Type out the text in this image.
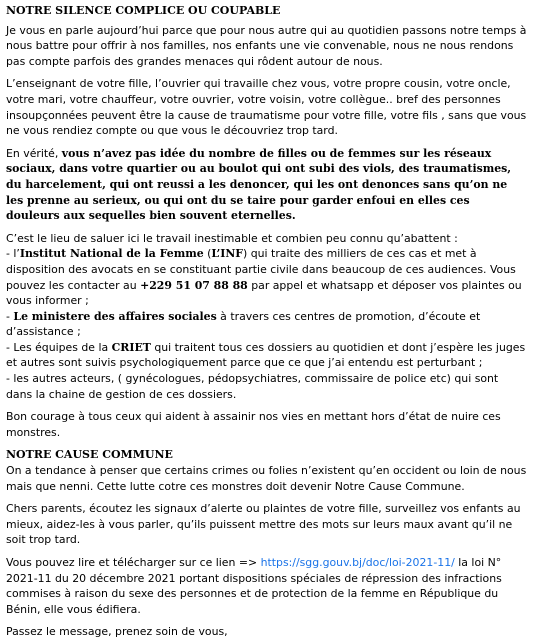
NOTRE SILENCE COMPLICE OU COUPABLE

Je vous en parle aujourd’hui parce que pour nous autre qui au quotidien passons notre temps à nous battre pour offrir à nos familles, nos enfants une vie convenable, nous ne nous rendons pas compte parfois des grandes menaces qui rôdent autour de nous.

L’enseignant de votre fille, l’ouvrier qui travaille chez vous, votre propre cousin, votre oncle, votre mari, votre chauffeur, votre ouvrier, votre voisin, votre collègue.. bref des personnes insoupçonnées peuvent être la cause de traumatisme pour votre fille, votre fils , sans que vous ne vous rendiez compte ou que vous le découvriez trop tard.

En vérité, vous n’avez pas idée du nombre de filles ou de femmes sur les réseaux sociaux, dans votre quartier ou au boulot qui ont subi des viols, des traumatismes, du harcelement, qui ont reussi a les denoncer, qui les ont denonces sans qu’on ne les prenne au serieux, ou qui ont du se taire pour garder enfoui en elles ces douleurs aux sequelles bien souvent eternelles.

C’est le lieu de saluer ici le travail inestimable et combien peu connu qu’abattent :

- l’Institut National de la Femme (L’INF) qui traite des milliers de ces cas et met à disposition des avocats en se constituant partie civile dans beaucoup de ces audiences. Vous pouvez les contacter au +229 51 07 88 88 par appel et whatsapp et déposer vos plaintes ou vous informer ;

- Le ministere des affaires sociales à travers ces centres de promotion, d’écoute et d’assistance ;

- Les équipes de la CRIET qui traitent tous ces dossiers au quotidien et dont j’espère les juges et autres sont suivis psychologiquement parce que ce que j’ai entendu est perturbant ;

- les autres acteurs, ( gynécologues, pédopsychiatres, commissaire de police etc) qui sont dans la chaine de gestion de ces dossiers.

Bon courage à tous ceux qui aident à assainir nos vies en mettant hors d’état de nuire ces monstres.

NOTRE CAUSE COMMUNE

On a tendance à penser que certains crimes ou folies n’existent qu’en occident ou loin de nous mais que nenni. Cette lutte cotre ces monstres doit devenir Notre Cause Commune.

Chers parents, écoutez les signaux d’alerte ou plaintes de votre fille, surveillez vos enfants au mieux, aidez-les à vous parler, qu’ils puissent mettre des mots sur leurs maux avant qu’il ne soit trop tard.

Vous pouvez lire et télécharger sur ce lien => https://sgg.gouv.bj/doc/loi-2021-11/ la loi N° 2021-11 du 20 décembre 2021 portant dispositions spéciales de répression des infractions commises à raison du sexe des personnes et de protection de la femme en République du Bénin, elle vous édifiera.

Passez le message, prenez soin de vous,
